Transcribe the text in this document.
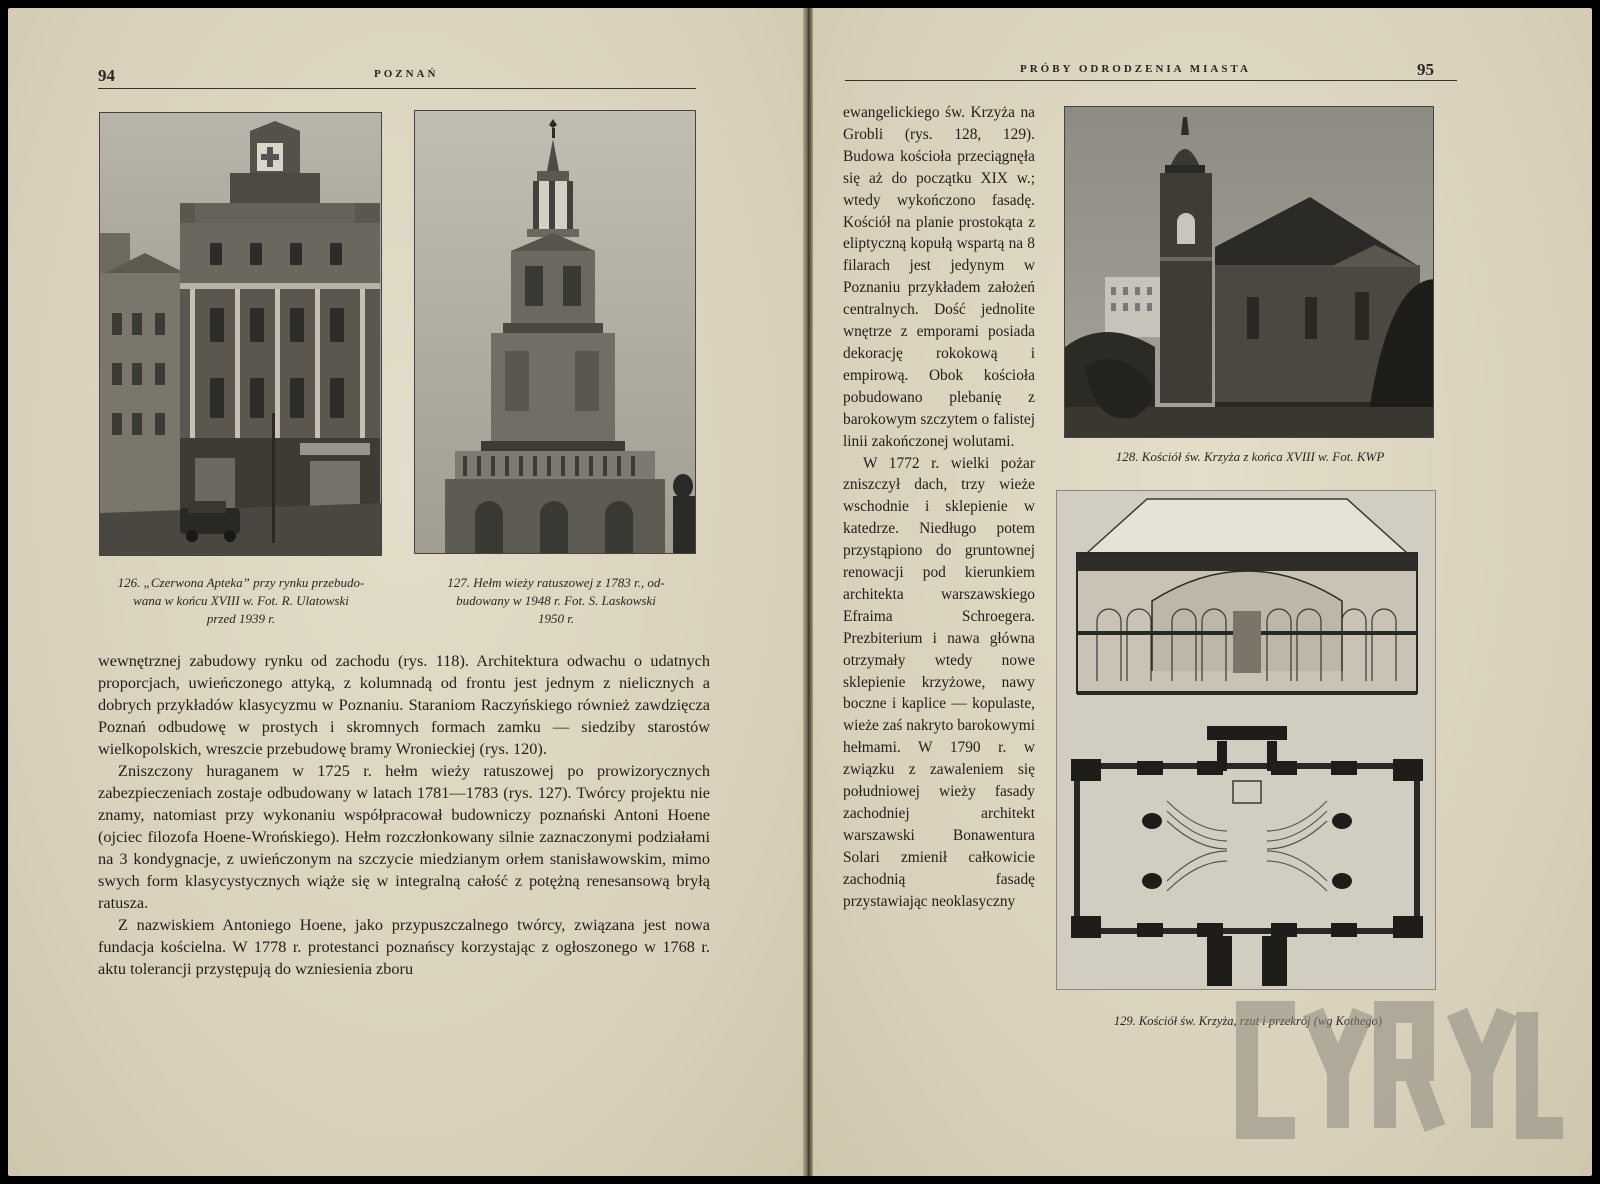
94	POZNAŃ
126. „Czerwona Apteka” przy rynku przebudo-
wana w końcu XVIII w. Fot. R. Ulatowski
przed 1939 r.
127. Hełm wieży ratuszowej z 1783 r., od-
budowany w 1948 r. Fot. S. Laskowski
1950 r.

wewnętrznej zabudowy rynku od zachodu (rys. 118). Architektura odwachu o udatnych proporcjach, uwieńczonego attyką, z kolumnadą od frontu jest jednym z nielicznych a dobrych przykładów klasycyzmu w Poznaniu. Staraniom Raczyńskiego również zawdzięcza Poznań odbudowę w prostych i skromnych formach zamku — siedziby starostów wielkopolskich, wreszcie przebudowę bramy Wronieckiej (rys. 120).

Zniszczony huraganem w 1725 r. hełm wieży ratuszowej po prowizorycznych zabezpieczeniach zostaje odbudowany w latach 1781—1783 (rys. 127). Twórcy projektu nie znamy, natomiast przy wykonaniu współpracował budowniczy poznański Antoni Hoene (ojciec filozofa Hoene-Wrońskiego). Hełm rozczłonkowany silnie zaznaczonymi podziałami na 3 kondygnacje, z uwieńczonym na szczycie miedzianym orłem stanisławowskim, mimo swych form klasycystycznych wiąże się w integralną całość z potężną renesansową bryłą ratusza.

Z nazwiskiem Antoniego Hoene, jako przypuszczalnego twórcy, związana jest nowa fundacja kościelna. W 1778 r. protestanci poznańscy korzystając z ogłoszonego w 1768 r. aktu tolerancji przystępują do wzniesienia zboru

PRÓBY ODRODZENIA MIASTA	95

ewangelickiego św. Krzyża na Grobli (rys. 128, 129). Budowa kościoła przeciągnęła się aż do początku XIX w.; wtedy wykończono fasadę. Kościół na planie prostokąta z eliptyczną kopułą wspartą na 8 filarach jest jedynym w Poznaniu przykładem założeń centralnych. Dość jednolite wnętrze z emporami posiada dekorację rokokową i empirową. Obok kościoła pobudowano plebanię z barokowym szczytem o falistej linii zakończonej wolutami.

W 1772 r. wielki pożar zniszczył dach, trzy wieże wschodnie i sklepienie w katedrze. Niedługo potem przystąpiono do gruntownej renowacji pod kierunkiem architekta warszawskiego Efraima Schroegera. Prezbiterium i nawa główna otrzymały wtedy nowe sklepienie krzyżowe, nawy boczne i kaplice — kopulaste, wieże zaś nakryto barokowymi hełmami. W 1790 r. w związku z zawaleniem się południowej wieży fasady zachodniej architekt warszawski Bonawentura Solari zmienił całkowicie zachodnią fasadę przystawiając neoklasyczny

128. Kościół św. Krzyża z końca XVIII w. Fot. KWP
129. Kościół św. Krzyża, rzut i przekrój (wg Kothego)
